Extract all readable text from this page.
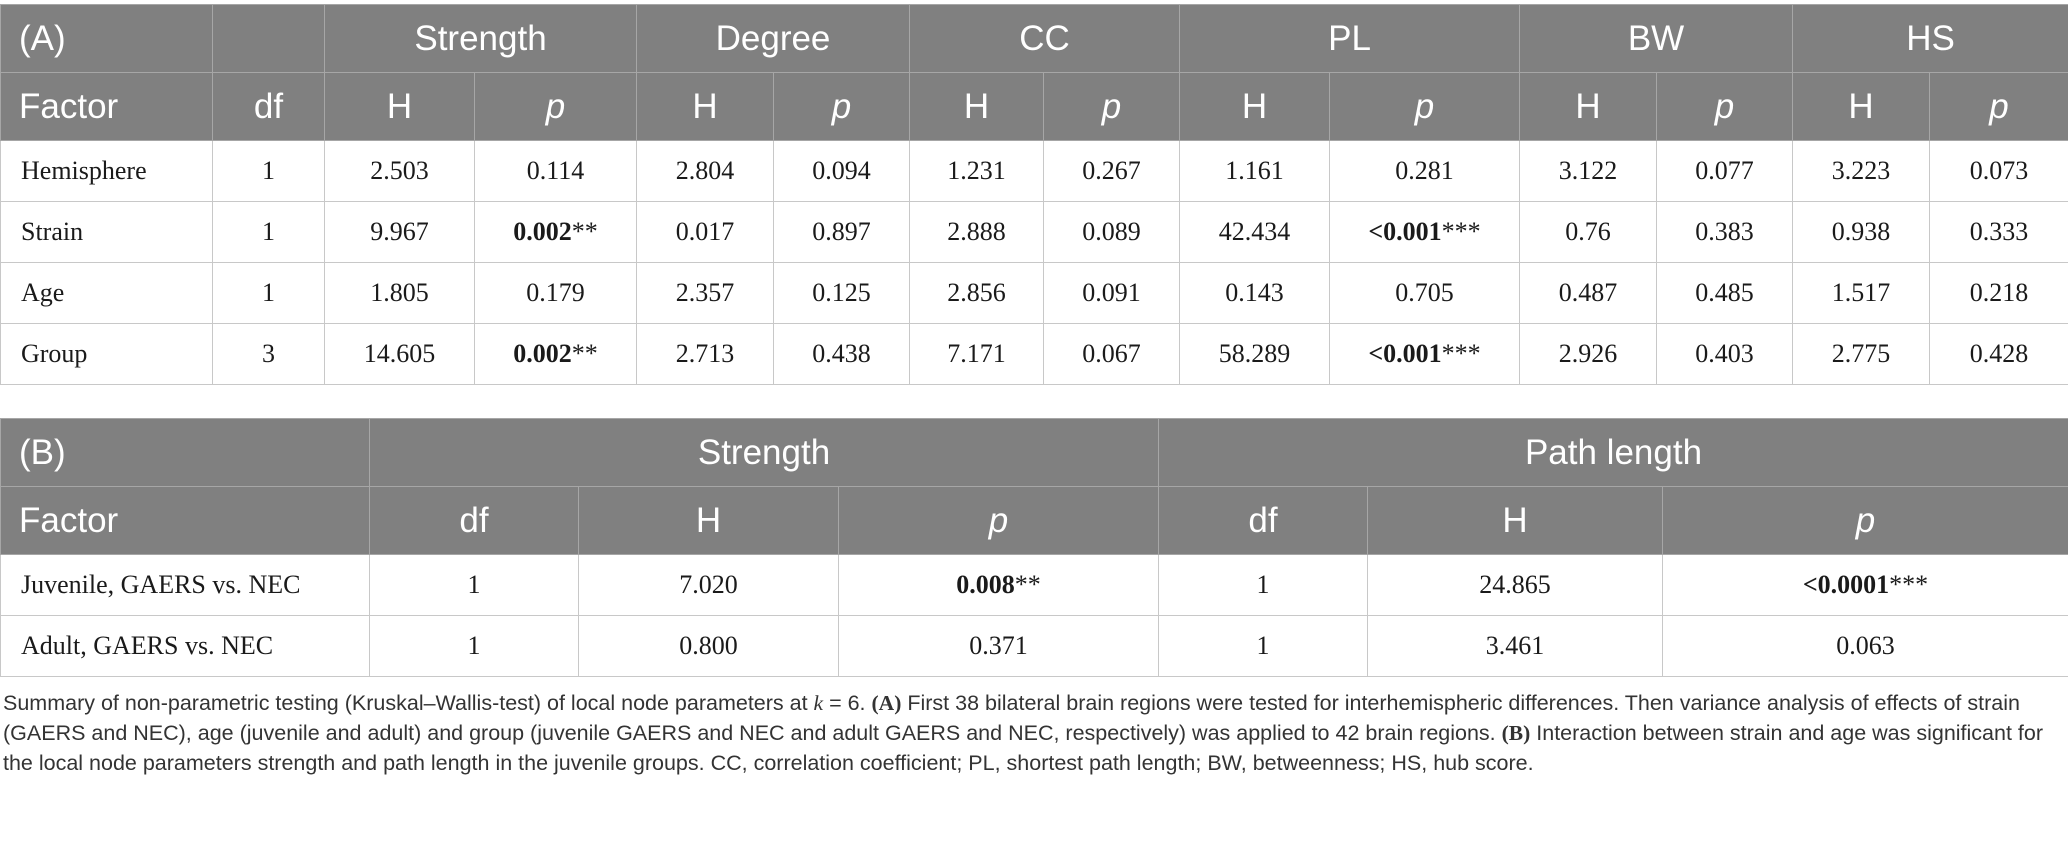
(A)		Strength		Degree		CC		PL		BW		HS	
Factor	df	H	p	H	p	H	p	H	p	H	p	H	p
Hemisphere	1	2.503	0.114	2.804	0.094	1.231	0.267	1.161	0.281	3.122	0.077	3.223	0.073
Strain	1	9.967	0.002**	0.017	0.897	2.888	0.089	42.434	<0.001***	0.76	0.383	0.938	0.333
Age	1	1.805	0.179	2.357	0.125	2.856	0.091	0.143	0.705	0.487	0.485	1.517	0.218
Group	3	14.605	0.002**	2.713	0.438	7.171	0.067	58.289	<0.001***	2.926	0.403	2.775	0.428
(B)	Strength			Path length		
Factor	df	H	p	df	H	p
Juvenile, GAERS vs. NEC	1	7.020	0.008**	1	24.865	<0.0001***
Adult, GAERS vs. NEC	1	0.800	0.371	1	3.461	0.063

Summary of non-parametric testing (Kruskal–Wallis-test) of local node parameters at k = 6. (A) First 38 bilateral brain regions were tested for interhemispheric differences. Then variance analysis of effects of strain (GAERS and NEC), age (juvenile and adult) and group (juvenile GAERS and NEC and adult GAERS and NEC, respectively) was applied to 42 brain regions. (B) Interaction between strain and age was significant for the local node parameters strength and path length in the juvenile groups. CC, correlation coefficient; PL, shortest path length; BW, betweenness; HS, hub score.
